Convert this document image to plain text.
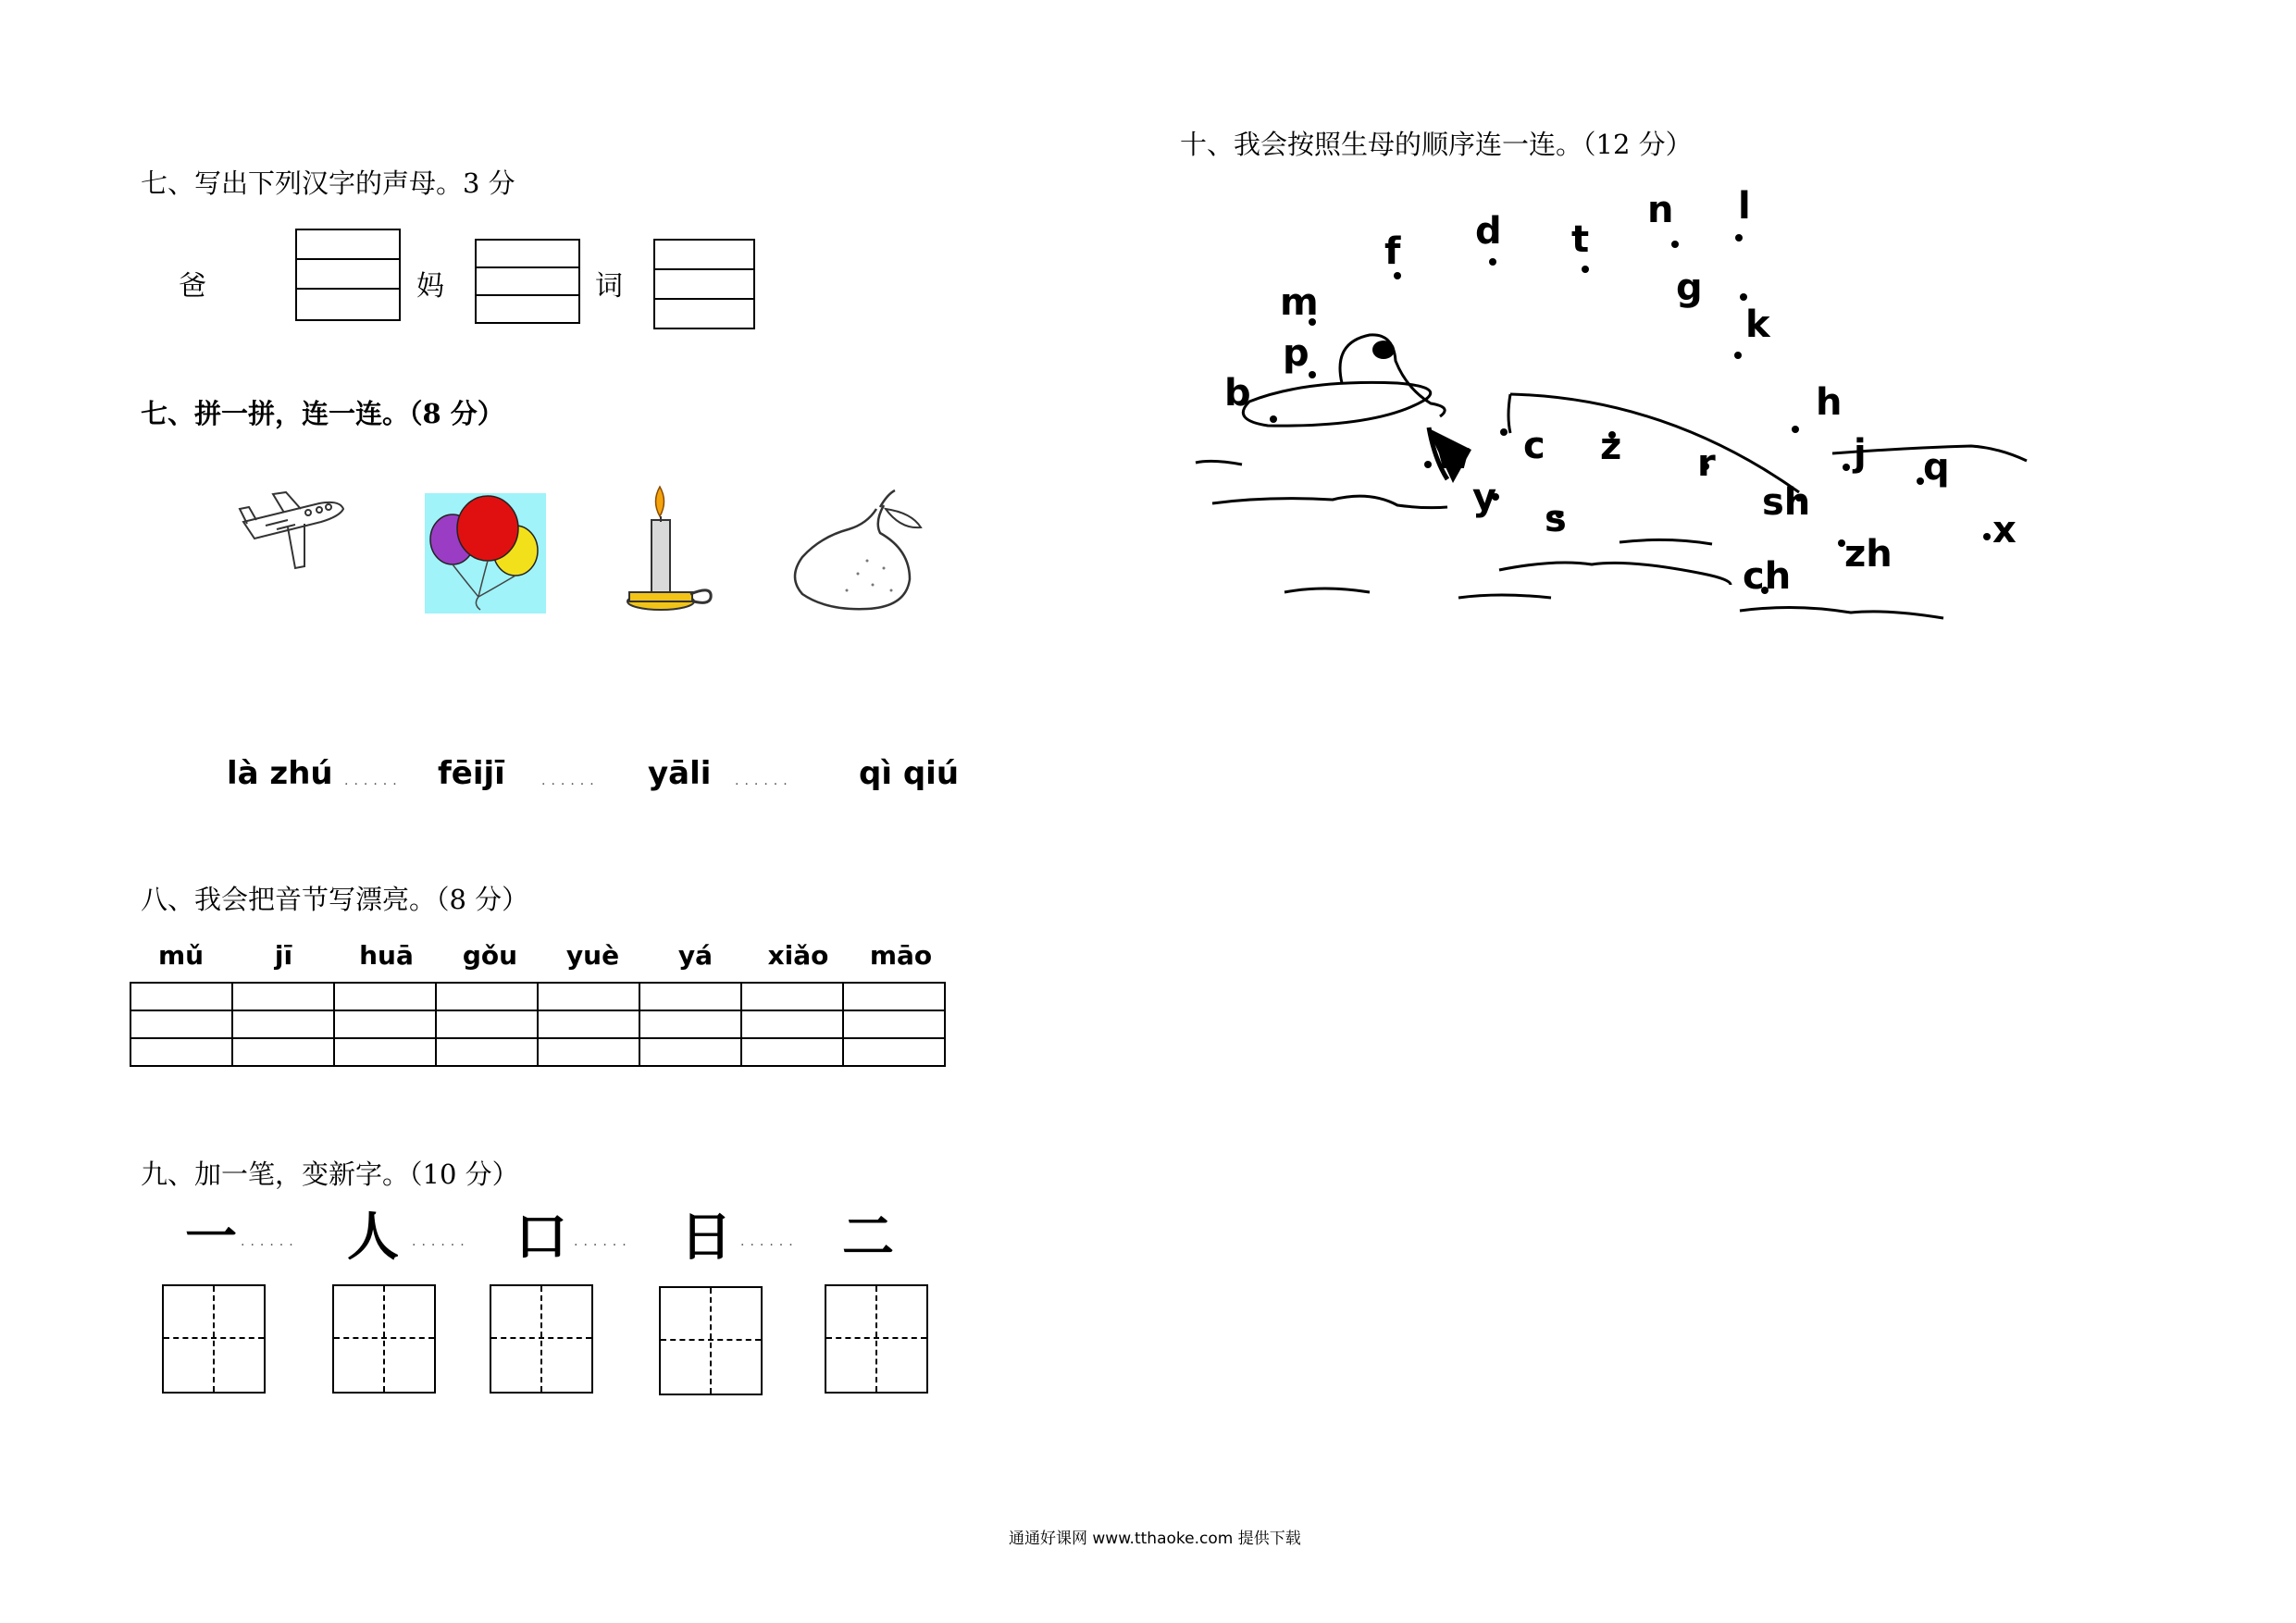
七、写出下列汉字的声母。3 分
爸	妈	词
七、拼一拼，连一连。（8 分）
là zhú ...... fēijī	...... yāli ...... qì qiú
八、我会把音节写漂亮。（8 分）
mǔ	jī	huā	gǒu	yuè	yá	xiǎo	māo

九、加一笔，变新字。（10 分）
一 ...... 人 ...... 口 ...... 日 ...... 二
十、我会按照生母的顺序连一连。（12 分）
f d t
n l
m	g
p
k
b	h
w c z r	j q
y s	sh
x
zh
ch
通通好课网 www.tthaoke.com 提供下载
